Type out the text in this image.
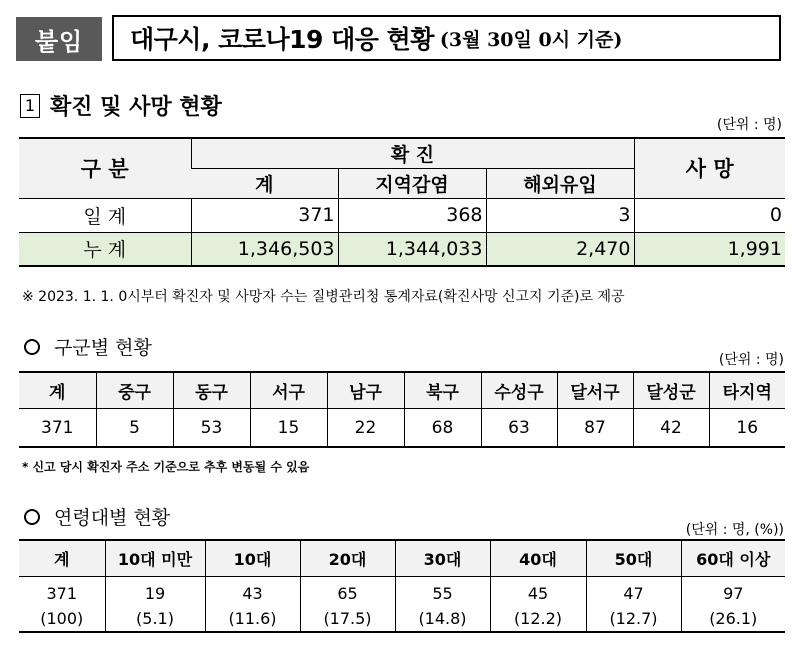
붙임	대구시, 코로나19 대응 현황 (3월 30일 0시 기준)
1 확진 및 사망 현황
(단위 : 명)
구 분	확 진			사 망
	계	지역감염	해외유입	
일 계	371	368	3	0
누 계	1,346,503	1,344,033	2,470	1,991
※ 2023. 1. 1. 0시부터 확진자 및 사망자 수는 질병관리청 통계자료(확진사망 신고지 기준)로 제공
구군별 현황
(단위 : 명)
계	중구	동구	서구	남구	북구	수성구	달서구	달성군	타지역
371	5	53	15	22	68	63	87	42	16
* 신고 당시 확진자 주소 기준으로 추후 변동될 수 있음
연령대별 현황
(단위 : 명, (%))
계	10대 미만	10대	20대	30대	40대	50대	60대 이상
371	19	43	65	55	45	47	97
(100)	(5.1)	(11.6)	(17.5)	(14.8)	(12.2)	(12.7)	(26.1)
